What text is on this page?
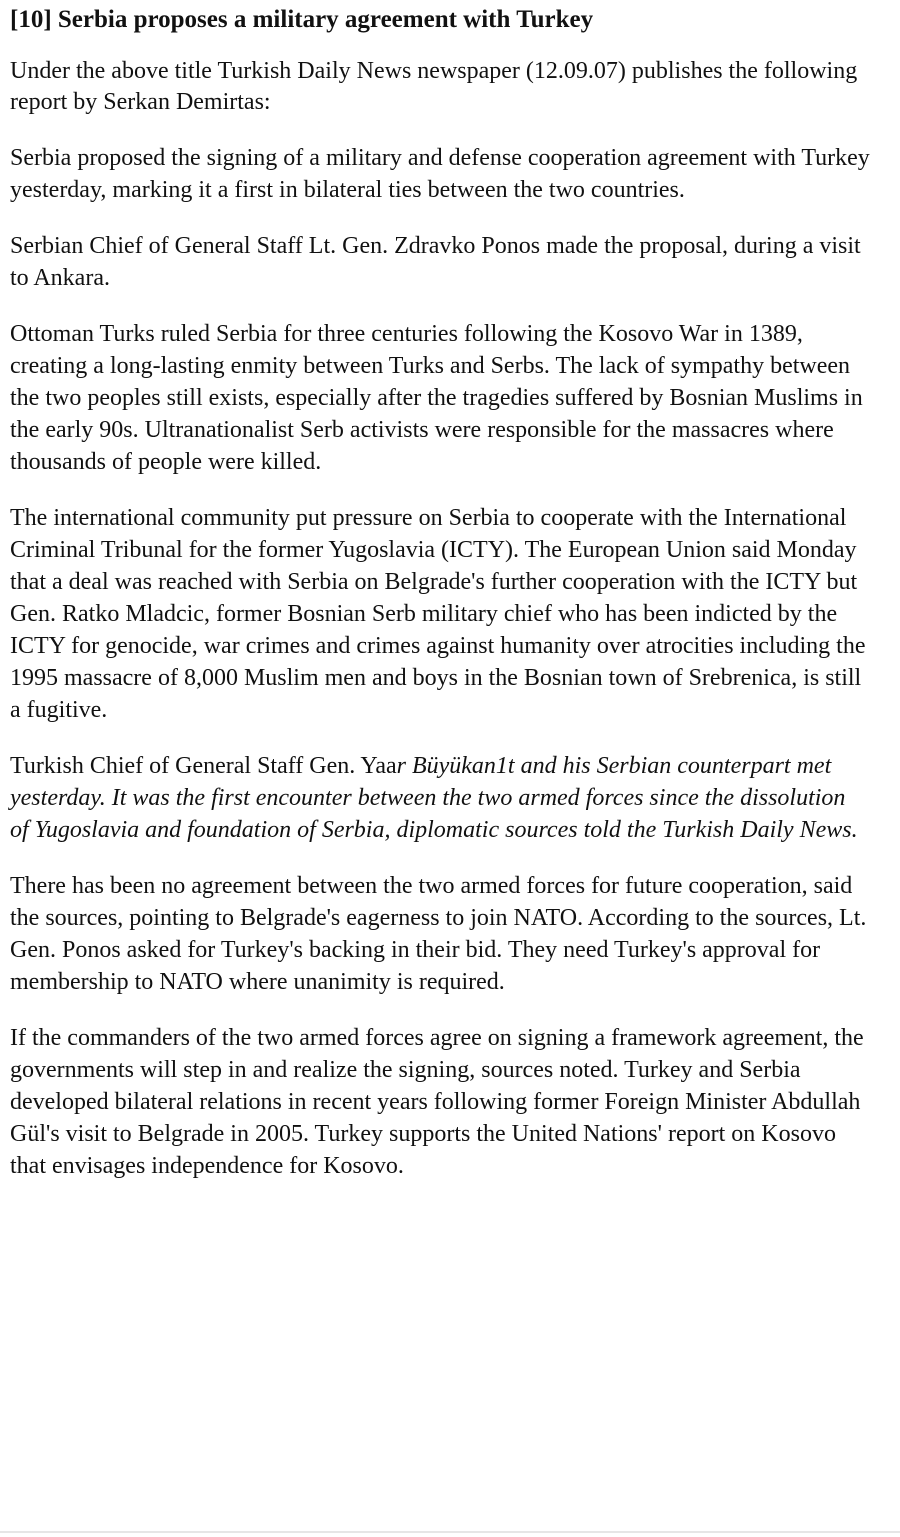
[10] Serbia proposes a military agreement with Turkey

Under the above title Turkish Daily News newspaper (12.09.07) publishes the following report by Serkan Demirtas:

Serbia proposed the signing of a military and defense cooperation agreement with Turkey yesterday, marking it a first in bilateral ties between the two countries.

Serbian Chief of General Staff Lt. Gen. Zdravko Ponos made the proposal, during a visit to Ankara.

Ottoman Turks ruled Serbia for three centuries following the Kosovo War in 1389, creating a long-lasting enmity between Turks and Serbs. The lack of sympathy between the two peoples still exists, especially after the tragedies suffered by Bosnian Muslims in the early 90s. Ultranationalist Serb activists were responsible for the massacres where thousands of people were killed.

The international community put pressure on Serbia to cooperate with the International Criminal Tribunal for the former Yugoslavia (ICTY). The European Union said Monday that a deal was reached with Serbia on Belgrade's further cooperation with the ICTY but Gen. Ratko Mladcic, former Bosnian Serb military chief who has been indicted by the ICTY for genocide, war crimes and crimes against humanity over atrocities including the 1995 massacre of 8,000 Muslim men and boys in the Bosnian town of Srebrenica, is still a fugitive.

Turkish Chief of General Staff Gen. Yaar Büyükan1t and his Serbian counterpart met yesterday. It was the first encounter between the two armed forces since the dissolution of Yugoslavia and foundation of Serbia, diplomatic sources told the Turkish Daily News.

There has been no agreement between the two armed forces for future cooperation, said the sources, pointing to Belgrade's eagerness to join NATO. According to the sources, Lt. Gen. Ponos asked for Turkey's backing in their bid. They need Turkey's approval for membership to NATO where unanimity is required.

If the commanders of the two armed forces agree on signing a framework agreement, the governments will step in and realize the signing, sources noted. Turkey and Serbia developed bilateral relations in recent years following former Foreign Minister Abdullah Gül's visit to Belgrade in 2005. Turkey supports the United Nations' report on Kosovo that envisages independence for Kosovo.
